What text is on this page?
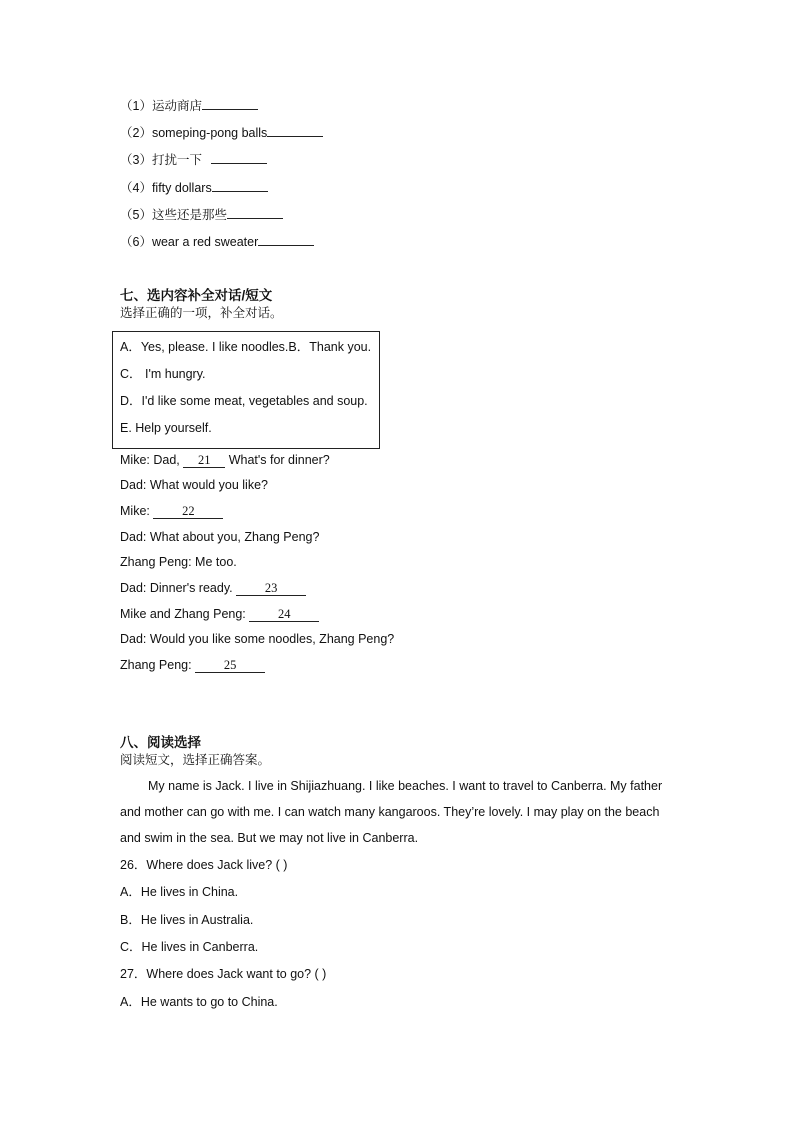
（1）运动商店
（2）someping-pong balls
（3）打扰一下
（4）fifty dollars
（5）这些还是那些
（6）wear a red sweater
七、选内容补全对话/短文
选择正确的一项，补全对话。
A．Yes, please. I like noodles.B．Thank you.
C． I'm hungry.
D．I'd like some meat, vegetables and soup.
E. Help yourself.
Mike: Dad, 21 What's for dinner?
Dad: What would you like?
Mike: 22
Dad: What about you, Zhang Peng?
Zhang Peng: Me too.
Dad: Dinner's ready. 23
Mike and Zhang Peng: 24
Dad: Would you like some noodles, Zhang Peng?
Zhang Peng: 25
八、阅读选择
阅读短文，选择正确答案。
My name is Jack. I live in Shijiazhuang. I like beaches. I want to travel to Canberra. My father and mother can go with me. I can watch many kangaroos. They’re lovely. I may play on the beach and swim in the sea. But we may not live in Canberra.
26．Where does Jack live? ( )
A．He lives in China.
B．He lives in Australia.
C．He lives in Canberra.
27．Where does Jack want to go? ( )
A．He wants to go to China.
